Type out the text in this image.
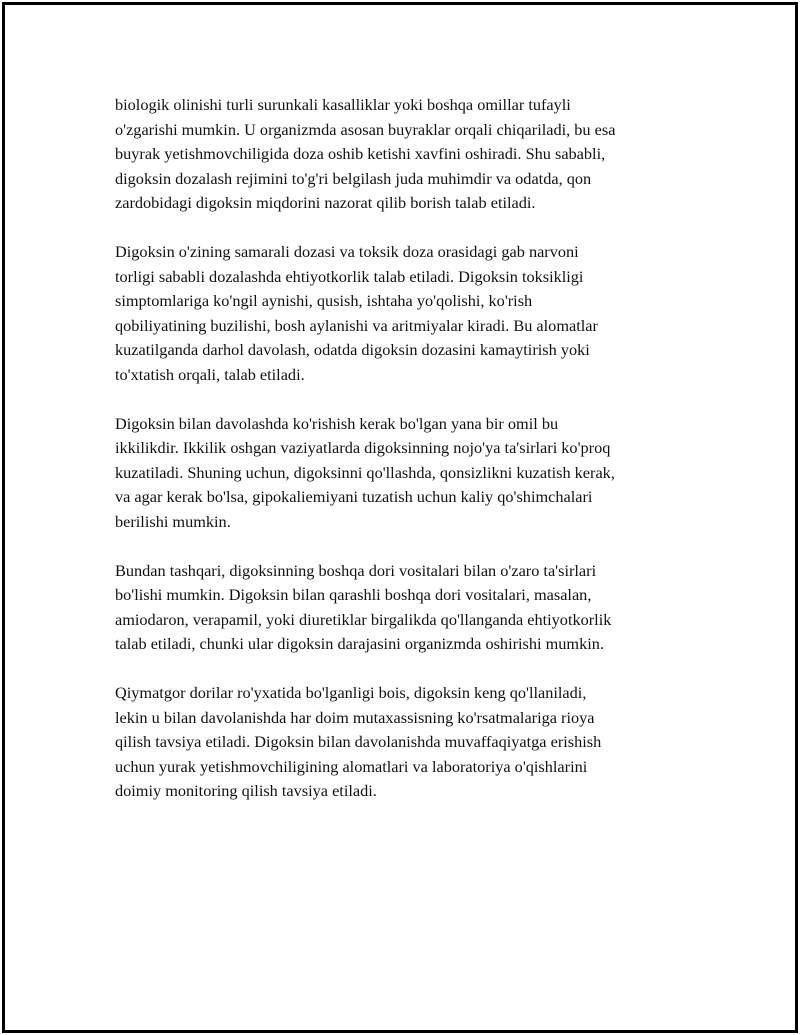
biologik olinishi turli surunkali kasalliklar yoki boshqa omillar tufayli
o'zgarishi mumkin. U organizmda asosan buyraklar orqali chiqariladi, bu esa
buyrak yetishmovchiligida doza oshib ketishi xavfini oshiradi. Shu sababli,
digoksin dozalash rejimini to'g'ri belgilash juda muhimdir va odatda, qon
zardobidagi digoksin miqdorini nazorat qilib borish talab etiladi.

Digoksin o'zining samarali dozasi va toksik doza orasidagi gab narvoni
torligi sababli dozalashda ehtiyotkorlik talab etiladi. Digoksin toksikligi
simptomlariga ko'ngil aynishi, qusish, ishtaha yo'qolishi, ko'rish
qobiliyatining buzilishi, bosh aylanishi va aritmiyalar kiradi. Bu alomatlar
kuzatilganda darhol davolash, odatda digoksin dozasini kamaytirish yoki
to'xtatish orqali, talab etiladi.

Digoksin bilan davolashda ko'rishish kerak bo'lgan yana bir omil bu
ikkilikdir. Ikkilik oshgan vaziyatlarda digoksinning nojo'ya ta'sirlari ko'proq
kuzatiladi. Shuning uchun, digoksinni qo'llashda, qonsizlikni kuzatish kerak,
va agar kerak bo'lsa, gipokaliemiyani tuzatish uchun kaliy qo'shimchalari
berilishi mumkin.

Bundan tashqari, digoksinning boshqa dori vositalari bilan o'zaro ta'sirlari
bo'lishi mumkin. Digoksin bilan qarashli boshqa dori vositalari, masalan,
amiodaron, verapamil, yoki diuretiklar birgalikda qo'llanganda ehtiyotkorlik
talab etiladi, chunki ular digoksin darajasini organizmda oshirishi mumkin.

Qiymatgor dorilar ro'yxatida bo'lganligi bois, digoksin keng qo'llaniladi,
lekin u bilan davolanishda har doim mutaxassisning ko'rsatmalariga rioya
qilish tavsiya etiladi. Digoksin bilan davolanishda muvaffaqiyatga erishish
uchun yurak yetishmovchiligining alomatlari va laboratoriya o'qishlarini
doimiy monitoring qilish tavsiya etiladi.
